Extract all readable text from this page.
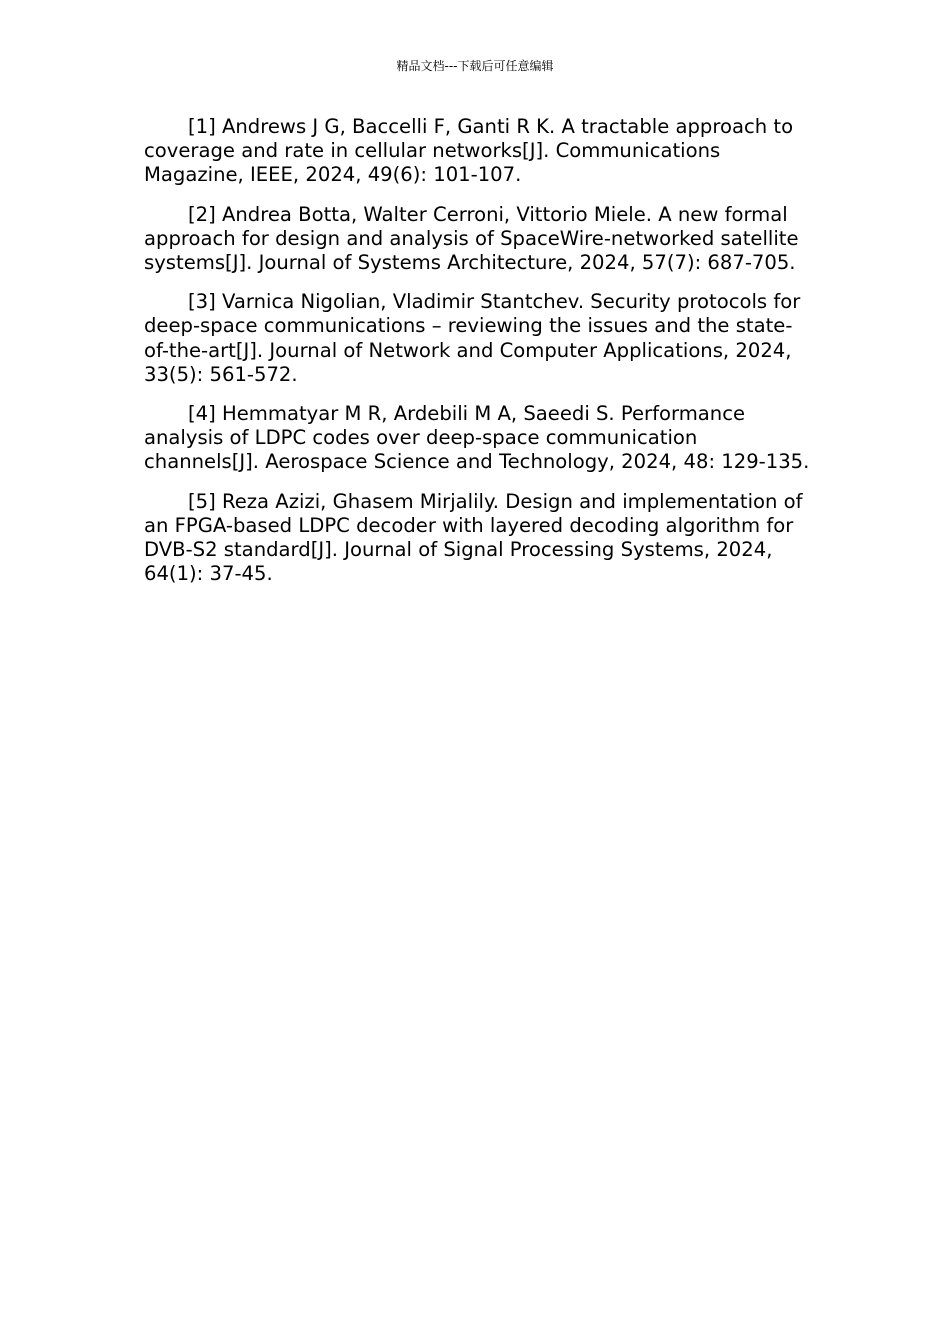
精品文档---下载后可任意编辑

[1] Andrews J G, Baccelli F, Ganti R K. A tractable approach to coverage and rate in cellular networks[J]. Communications Magazine, IEEE, 2024, 49(6): 101-107.

[2] Andrea Botta, Walter Cerroni, Vittorio Miele. A new formal approach for design and analysis of SpaceWire-networked satellite systems[J]. Journal of Systems Architecture, 2024, 57(7): 687-705.

[3] Varnica Nigolian, Vladimir Stantchev. Security protocols for deep-space communications – reviewing the issues and the state-of-the-art[J]. Journal of Network and Computer Applications, 2024, 33(5): 561-572.

[4] Hemmatyar M R, Ardebili M A, Saeedi S. Performance analysis of LDPC codes over deep-space communication channels[J]. Aerospace Science and Technology, 2024, 48: 129-135.

[5] Reza Azizi, Ghasem Mirjalily. Design and implementation of an FPGA-based LDPC decoder with layered decoding algorithm for DVB-S2 standard[J]. Journal of Signal Processing Systems, 2024, 64(1): 37-45.
